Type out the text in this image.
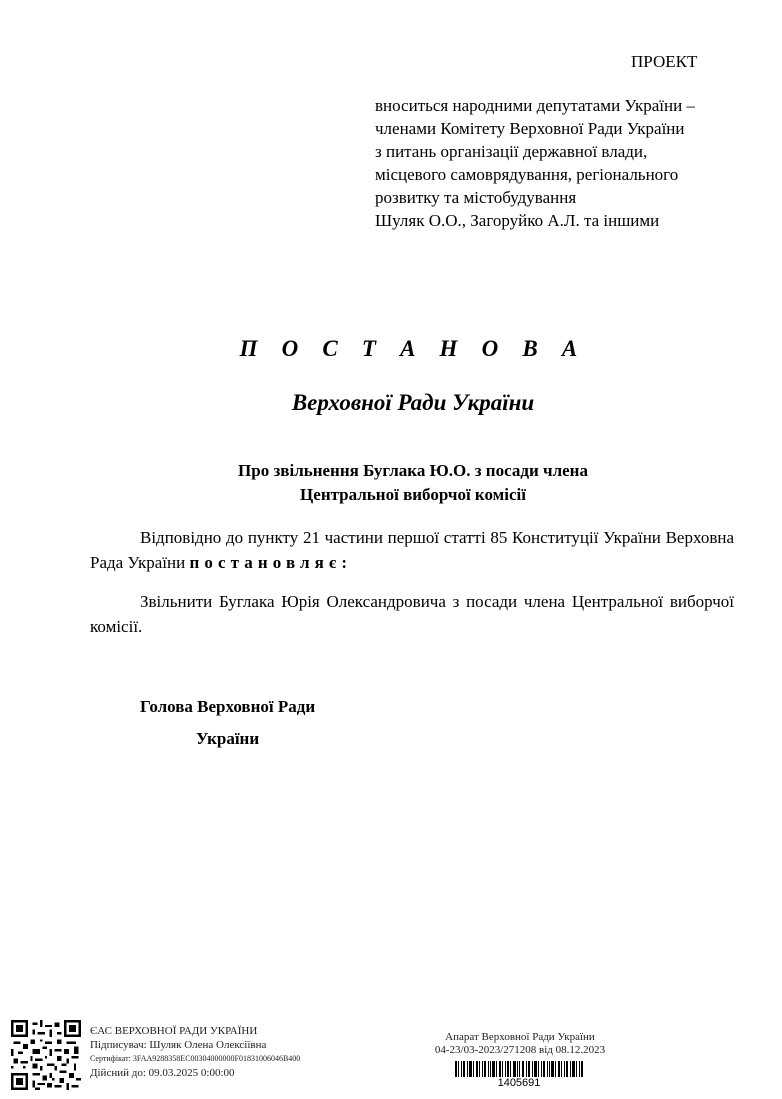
ПРОЕКТ
вноситься народними депутатами України –
членами Комітету Верховної Ради України
з питань організації державної влади,
місцевого самоврядування, регіонального
розвитку та містобудування
Шуляк О.О., Загоруйко А.Л. та іншими
П О С Т А Н О В А
Верховної Ради України
Про звільнення Буглака Ю.О. з посади члена
Центральної виборчої комісії
Відповідно до пункту 21 частини першої статті 85 Конституції України Верховна Рада України постановляє:
Звільнити Буглака Юрія Олександровича з посади члена Центральної виборчої комісії.
Голова Верховної Ради
України
ЄАС ВЕРХОВНОЇ РАДИ УКРАЇНИ
Підписувач: Шуляк Олена Олексіївна
Сертифікат: 3FAA9288358EC00304000000F01831006046B400
Дійсний до: 09.03.2025 0:00:00
Апарат Верховної Ради України
04-23/03-2023/271208 від 08.12.2023
1405691
